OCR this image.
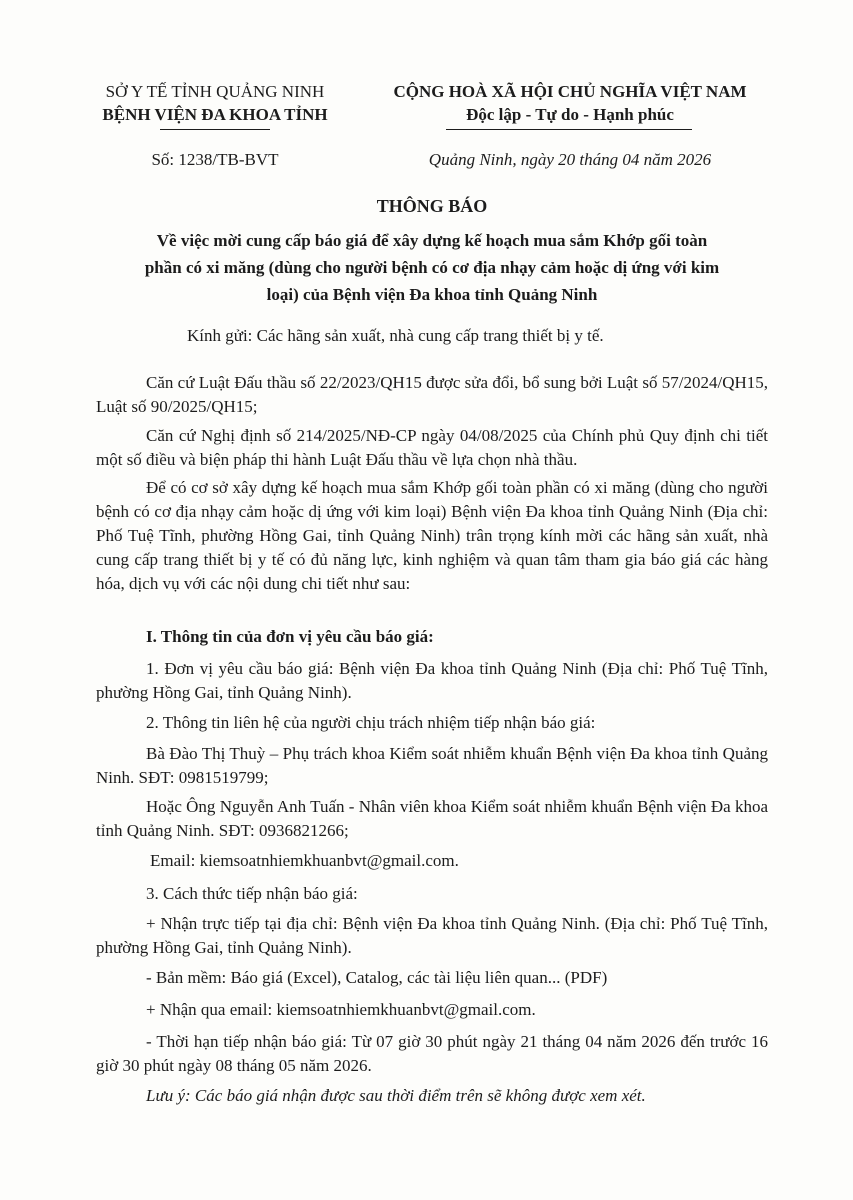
SỞ Y TẾ TỈNH QUẢNG NINH
BỆNH VIỆN ĐA KHOA TỈNH
CỘNG HOÀ XÃ HỘI CHỦ NGHĨA VIỆT NAM
Độc lập - Tự do - Hạnh phúc
Số: 1238/TB-BVT	Quảng Ninh, ngày 20 tháng 04 năm 2026
THÔNG BÁO
Về việc mời cung cấp báo giá để xây dựng kế hoạch mua sắm Khớp gối toàn
phần có xi măng (dùng cho người bệnh có cơ địa nhạy cảm hoặc dị ứng với kim
loại) của Bệnh viện Đa khoa tỉnh Quảng Ninh
Kính gửi: Các hãng sản xuất, nhà cung cấp trang thiết bị y tế.
Căn cứ Luật Đấu thầu số 22/2023/QH15 được sửa đổi, bổ sung bởi Luật số 57/2024/QH15, Luật số 90/2025/QH15;
Căn cứ Nghị định số 214/2025/NĐ-CP ngày 04/08/2025 của Chính phủ Quy định chi tiết một số điều và biện pháp thi hành Luật Đấu thầu về lựa chọn nhà thầu.
Để có cơ sở xây dựng kế hoạch mua sắm Khớp gối toàn phần có xi măng (dùng cho người bệnh có cơ địa nhạy cảm hoặc dị ứng với kim loại) Bệnh viện Đa khoa tỉnh Quảng Ninh (Địa chỉ: Phố Tuệ Tĩnh, phường Hồng Gai, tỉnh Quảng Ninh) trân trọng kính mời các hãng sản xuất, nhà cung cấp trang thiết bị y tế có đủ năng lực, kinh nghiệm và quan tâm tham gia báo giá các hàng hóa, dịch vụ với các nội dung chi tiết như sau:
I. Thông tin của đơn vị yêu cầu báo giá:
1. Đơn vị yêu cầu báo giá: Bệnh viện Đa khoa tỉnh Quảng Ninh (Địa chỉ: Phố Tuệ Tĩnh, phường Hồng Gai, tỉnh Quảng Ninh).
2. Thông tin liên hệ của người chịu trách nhiệm tiếp nhận báo giá:
Bà Đào Thị Thuỳ – Phụ trách khoa Kiểm soát nhiễm khuẩn Bệnh viện Đa khoa tỉnh Quảng Ninh. SĐT: 0981519799;
Hoặc Ông Nguyễn Anh Tuấn - Nhân viên khoa Kiểm soát nhiễm khuẩn Bệnh viện Đa khoa tỉnh Quảng Ninh. SĐT: 0936821266;
Email: kiemsoatnhiemkhuanbvt@gmail.com.
3. Cách thức tiếp nhận báo giá:
+ Nhận trực tiếp tại địa chỉ: Bệnh viện Đa khoa tỉnh Quảng Ninh. (Địa chỉ: Phố Tuệ Tĩnh, phường Hồng Gai, tỉnh Quảng Ninh).
- Bản mềm: Báo giá (Excel), Catalog, các tài liệu liên quan... (PDF)
+ Nhận qua email: kiemsoatnhiemkhuanbvt@gmail.com.
- Thời hạn tiếp nhận báo giá: Từ 07 giờ 30 phút ngày 21 tháng 04 năm 2026 đến trước 16 giờ 30 phút ngày 08 tháng 05 năm 2026.
Lưu ý: Các báo giá nhận được sau thời điểm trên sẽ không được xem xét.
